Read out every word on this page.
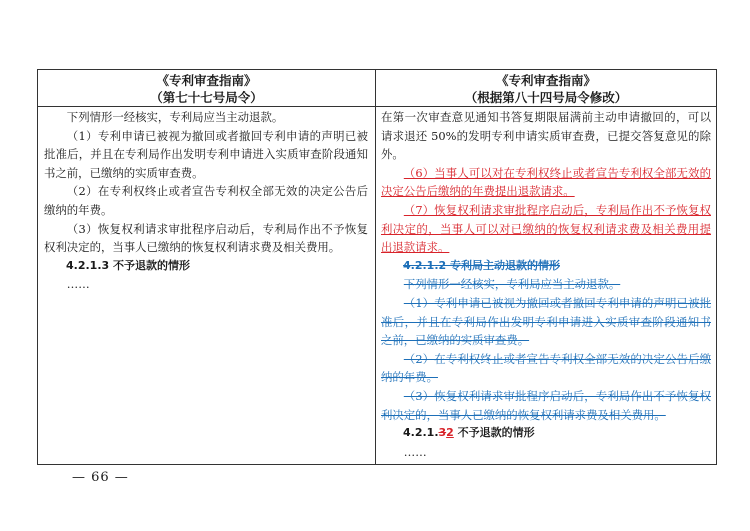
《专利审查指南》
（第七十七号局令）
《专利审查指南》
（根据第八十四号局令修改）

下列情形一经核实，专利局应当主动退款。

（1）专利申请已被视为撤回或者撤回专利申请的声明已被批准后，并且在专利局作出发明专利申请进入实质审查阶段通知书之前，已缴纳的实质审查费。

（2）在专利权终止或者宣告专利权全部无效的决定公告后缴纳的年费。

（3）恢复权利请求审批程序启动后，专利局作出不予恢复权利决定的，当事人已缴纳的恢复权利请求费及相关费用。

4.2.1.3 不予退款的情形

……

在第一次审查意见通知书答复期限届满前主动申请撤回的，可以请求退还 50%的发明专利申请实质审查费，已提交答复意见的除外。

（6）当事人可以对在专利权终止或者宣告专利权全部无效的决定公告后缴纳的年费提出退款请求。

（7）恢复权利请求审批程序启动后，专利局作出不予恢复权利决定的，当事人可以对已缴纳的恢复权利请求费及相关费用提出退款请求。

4.2.1.2 专利局主动退款的情形

下列情形一经核实，专利局应当主动退款。

（1）专利申请已被视为撤回或者撤回专利申请的声明已被批准后，并且在专利局作出发明专利申请进入实质审查阶段通知书之前，已缴纳的实质审查费。

（2）在专利权终止或者宣告专利权全部无效的决定公告后缴纳的年费。

（3）恢复权利请求审批程序启动后，专利局作出不予恢复权利决定的，当事人已缴纳的恢复权利请求费及相关费用。

4.2.1.32 不予退款的情形

……

— 66 —
